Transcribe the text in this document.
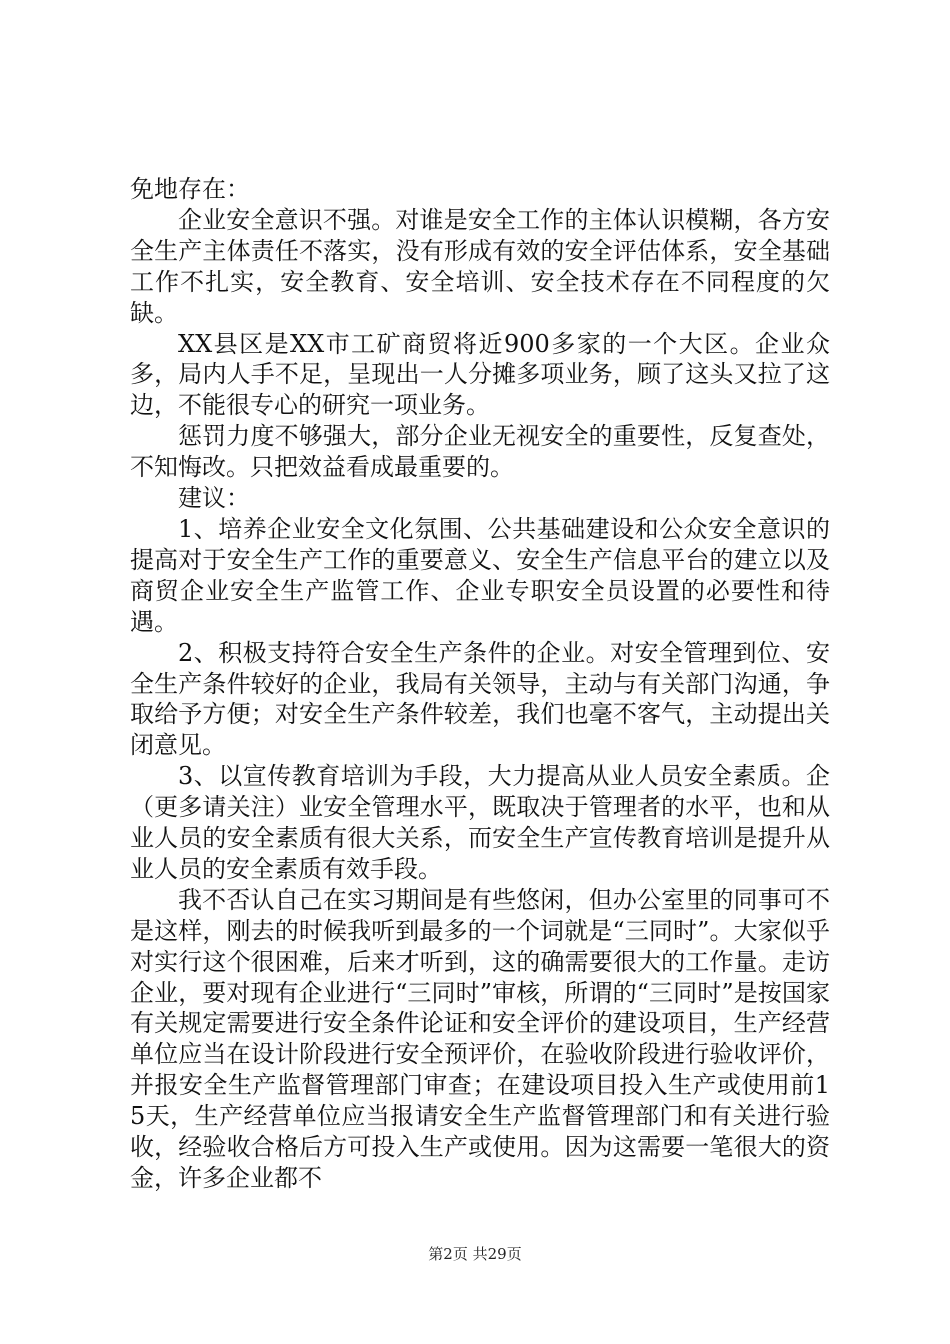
免地存在：

企业安全意识不强。对谁是安全工作的主体认识模糊，各方安全生产主体责任不落实，没有形成有效的安全评估体系，安全基础工作不扎实，安全教育、安全培训、安全技术存在不同程度的欠缺。

XX县区是XX市工矿商贸将近900多家的一个大区。企业众多，局内人手不足，呈现出一人分摊多项业务，顾了这头又拉了这边，不能很专心的研究一项业务。

惩罚力度不够强大，部分企业无视安全的重要性，反复查处，不知悔改。只把效益看成最重要的。

建议：

1、培养企业安全文化氛围、公共基础建设和公众安全意识的提高对于安全生产工作的重要意义、安全生产信息平台的建立以及商贸企业安全生产监管工作、企业专职安全员设置的必要性和待遇。

2、积极支持符合安全生产条件的企业。对安全管理到位、安全生产条件较好的企业，我局有关领导，主动与有关部门沟通，争取给予方便；对安全生产条件较差，我们也毫不客气，主动提出关闭意见。

3、以宣传教育培训为手段，大力提高从业人员安全素质。企（更多请关注）业安全管理水平，既取决于管理者的水平，也和从业人员的安全素质有很大关系，而安全生产宣传教育培训是提升从业人员的安全素质有效手段。

我不否认自己在实习期间是有些悠闲，但办公室里的同事可不是这样，刚去的时候我听到最多的一个词就是“三同时”。大家似乎对实行这个很困难，后来才听到，这的确需要很大的工作量。走访企业，要对现有企业进行“三同时”审核，所谓的“三同时”是按国家有关规定需要进行安全条件论证和安全评价的建设项目，生产经营单位应当在设计阶段进行安全预评价，在验收阶段进行验收评价，并报安全生产监督管理部门审查；在建设项目投入生产或使用前15天，生产经营单位应当报请安全生产监督管理部门和有关进行验收，经验收合格后方可投入生产或使用。因为这需要一笔很大的资金，许多企业都不

第2页 共29页
